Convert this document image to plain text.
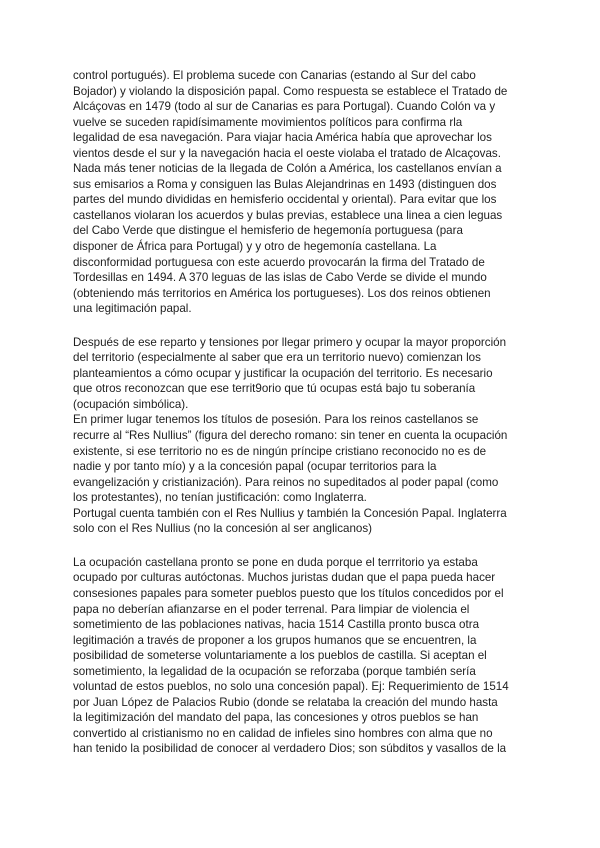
control portugués). El problema sucede con Canarias (estando al Sur del cabo
Bojador) y violando la disposición papal. Como respuesta se establece el Tratado de
Alcáçovas en 1479 (todo al sur de Canarias es para Portugal). Cuando Colón va y
vuelve se suceden rapidísimamente movimientos políticos para confirma rla
legalidad de esa navegación. Para viajar hacia América había que aprovechar los
vientos desde el sur y la navegación hacia el oeste violaba el tratado de Alcaçovas.
Nada más tener noticias de la llegada de Colón a América, los castellanos envían a
sus emisarios a Roma y consiguen las Bulas Alejandrinas en 1493 (distinguen dos
partes del mundo divididas en hemisferio occidental y oriental). Para evitar que los
castellanos violaran los acuerdos y bulas previas, establece una linea a cien leguas
del Cabo Verde que distingue el hemisferio de hegemonía portuguesa (para
disponer de África para Portugal) y y otro de hegemonía castellana. La
disconformidad portuguesa con este acuerdo provocarán la firma del Tratado de
Tordesillas en 1494. A 370 leguas de las islas de Cabo Verde se divide el mundo
(obteniendo más territorios en América los portugueses). Los dos reinos obtienen
una legitimación papal.
Después de ese reparto y tensiones por llegar primero y ocupar la mayor proporción
del territorio (especialmente al saber que era un territorio nuevo) comienzan los
planteamientos a cómo ocupar y justificar la ocupación del territorio. Es necesario
que otros reconozcan que ese territ9orio que tú ocupas está bajo tu soberanía
(ocupación simbólica).
En primer lugar tenemos los títulos de posesión. Para los reinos castellanos se
recurre al “Res Nullius” (figura del derecho romano: sin tener en cuenta la ocupación
existente, si ese territorio no es de ningún príncipe cristiano reconocido no es de
nadie y por tanto mío) y a la concesión papal (ocupar territorios para la
evangelización y cristianización). Para reinos no supeditados al poder papal (como
los protestantes), no tenían justificación: como Inglaterra.
Portugal cuenta también con el Res Nullius y también la Concesión Papal. Inglaterra
solo con el Res Nullius (no la concesión al ser anglicanos)
La ocupación castellana pronto se pone en duda porque el terrritorio ya estaba
ocupado por culturas autóctonas. Muchos juristas dudan que el papa pueda hacer
consesiones papales para someter pueblos puesto que los títulos concedidos por el
papa no deberían afianzarse en el poder terrenal. Para limpiar de violencia el
sometimiento de las poblaciones nativas, hacia 1514 Castilla pronto busca otra
legitimación a través de proponer a los grupos humanos que se encuentren, la
posibilidad de someterse voluntariamente a los pueblos de castilla. Si aceptan el
sometimiento, la legalidad de la ocupación se reforzaba (porque también sería
voluntad de estos pueblos, no solo una concesión papal). Ej: Requerimiento de 1514
por Juan López de Palacios Rubio (donde se relataba la creación del mundo hasta
la legitimización del mandato del papa, las concesiones y otros pueblos se han
convertido al cristianismo no en calidad de infieles sino hombres con alma que no
han tenido la posibilidad de conocer al verdadero Dios; son súbditos y vasallos de la
